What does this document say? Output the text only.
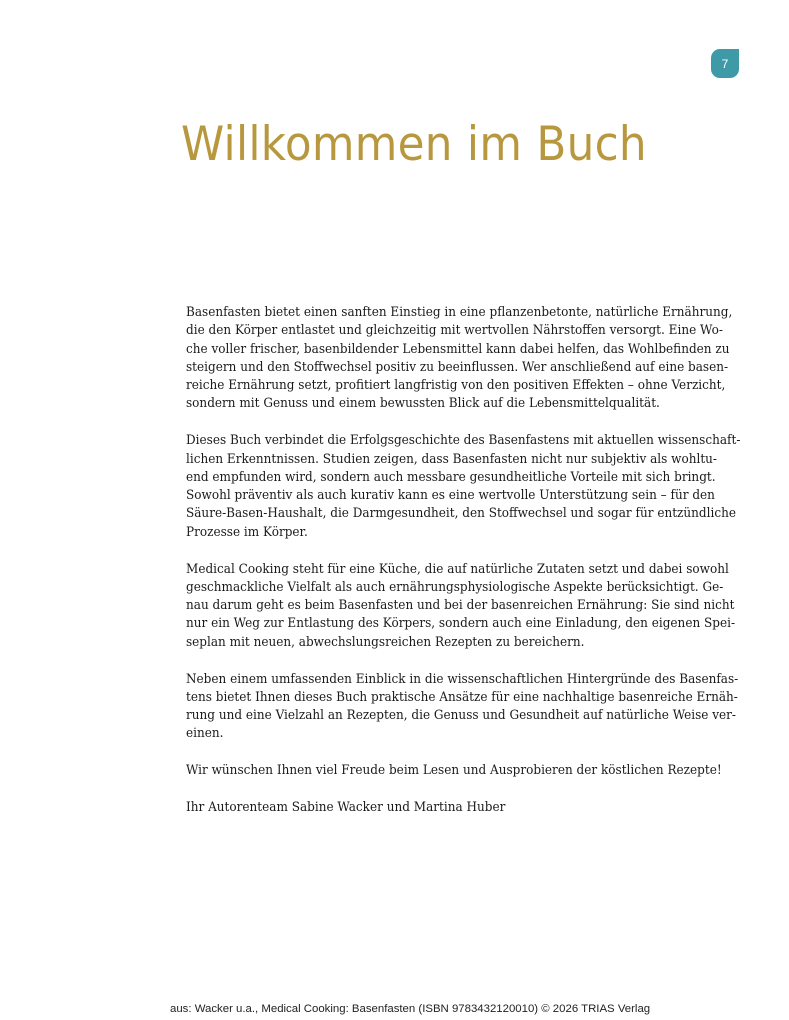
7
Willkommen im Buch

Basenfasten bietet einen sanften Einstieg in eine pflanzenbetonte, natürliche Ernährung,
die den Körper entlastet und gleichzeitig mit wertvollen Nährstoffen versorgt. Eine Wo-
che voller frischer, basenbildender Lebensmittel kann dabei helfen, das Wohlbefinden zu
steigern und den Stoffwechsel positiv zu beeinflussen. Wer anschließend auf eine basen-
reiche Ernährung setzt, profitiert langfristig von den positiven Effekten – ohne Verzicht,
sondern mit Genuss und einem bewussten Blick auf die Lebensmittelqualität.

Dieses Buch verbindet die Erfolgsgeschichte des Basenfastens mit aktuellen wissenschaft-
lichen Erkenntnissen. Studien zeigen, dass Basenfasten nicht nur subjektiv als wohltu-
end empfunden wird, sondern auch messbare gesundheitliche Vorteile mit sich bringt.
Sowohl präventiv als auch kurativ kann es eine wertvolle Unterstützung sein – für den
Säure-Basen-Haushalt, die Darmgesundheit, den Stoffwechsel und sogar für entzündliche
Prozesse im Körper.

Medical Cooking steht für eine Küche, die auf natürliche Zutaten setzt und dabei sowohl
geschmackliche Vielfalt als auch ernährungsphysiologische Aspekte berücksichtigt. Ge-
nau darum geht es beim Basenfasten und bei der basenreichen Ernährung: Sie sind nicht
nur ein Weg zur Entlastung des Körpers, sondern auch eine Einladung, den eigenen Spei-
seplan mit neuen, abwechslungsreichen Rezepten zu bereichern.

Neben einem umfassenden Einblick in die wissenschaftlichen Hintergründe des Basenfas-
tens bietet Ihnen dieses Buch praktische Ansätze für eine nachhaltige basenreiche Ernäh-
rung und eine Vielzahl an Rezepten, die Genuss und Gesundheit auf natürliche Weise ver-
einen.

Wir wünschen Ihnen viel Freude beim Lesen und Ausprobieren der köstlichen Rezepte!

Ihr Autorenteam Sabine Wacker und Martina Huber

aus: Wacker u.a., Medical Cooking: Basenfasten (ISBN 9783432120010) © 2026 TRIAS Verlag
